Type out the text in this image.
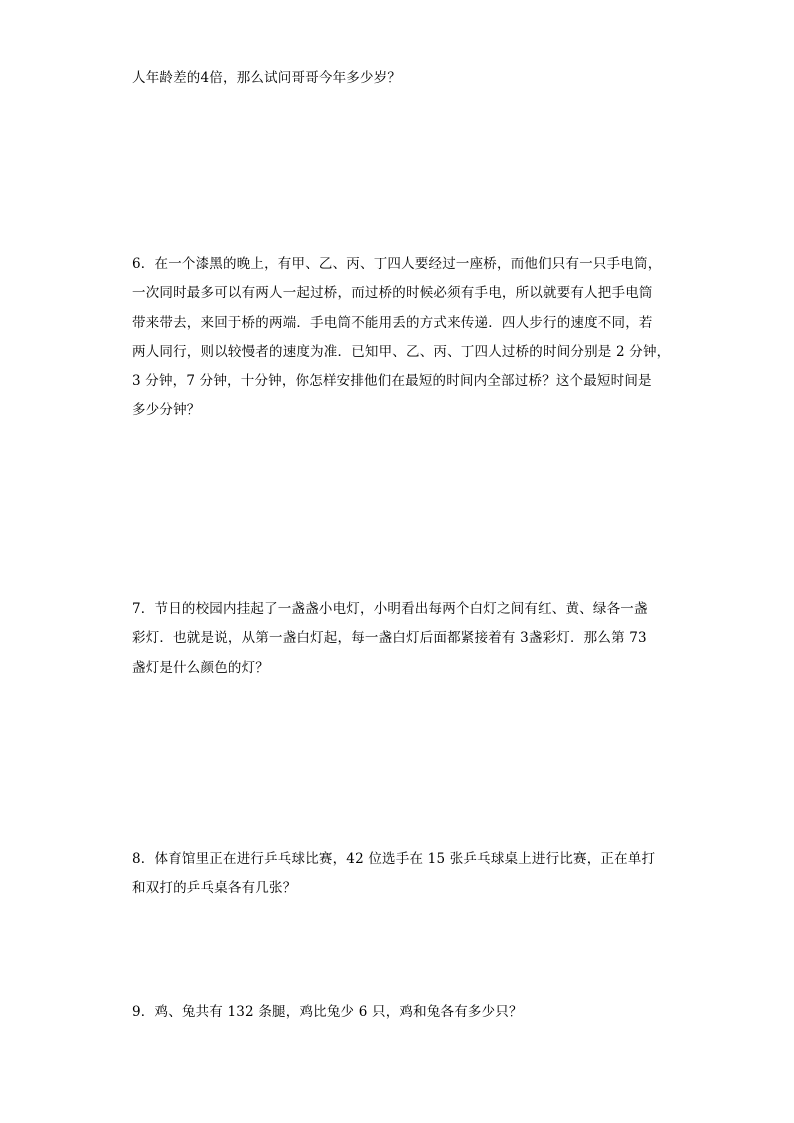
人年龄差的4倍，那么试问哥哥今年多少岁？
6．在一个漆黑的晚上，有甲、乙、丙、丁四人要经过一座桥，而他们只有一只手电筒，
一次同时最多可以有两人一起过桥，而过桥的时候必须有手电，所以就要有人把手电筒
带来带去，来回于桥的两端．手电筒不能用丢的方式来传递．四人步行的速度不同，若
两人同行，则以较慢者的速度为准．已知甲、乙、丙、丁四人过桥的时间分别是 2 分钟，
3 分钟，7 分钟，十分钟，你怎样安排他们在最短的时间内全部过桥？这个最短时间是
多少分钟？
7．节日的校园内挂起了一盏盏小电灯，小明看出每两个白灯之间有红、黄、绿各一盏
彩灯．也就是说，从第一盏白灯起，每一盏白灯后面都紧接着有 3盏彩灯．那么第 73
盏灯是什么颜色的灯？
8．体育馆里正在进行乒乓球比赛，42 位选手在 15 张乒乓球桌上进行比赛，正在单打
和双打的乒乓桌各有几张？
9．鸡、兔共有 132 条腿，鸡比兔少 6 只，鸡和兔各有多少只？
